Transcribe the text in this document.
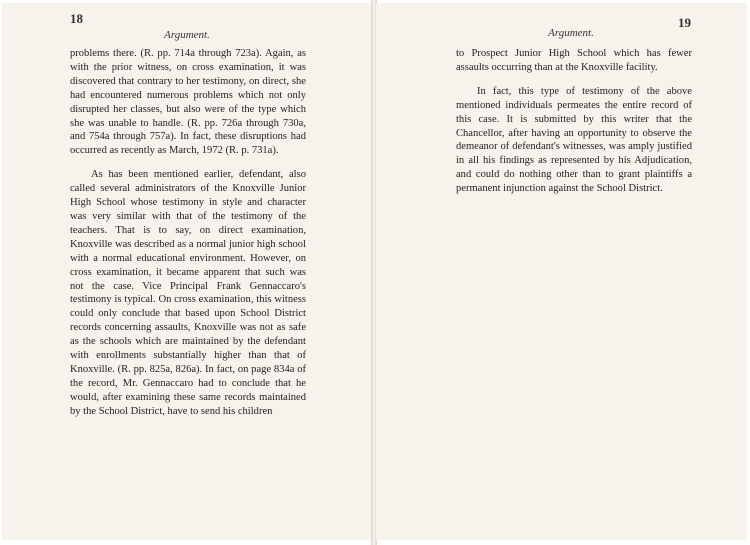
18
Argument.

problems there. (R. pp. 714a through 723a). Again, as with the prior witness, on cross examination, it was discovered that contrary to her testimony, on direct, she had encountered numerous problems which not only disrupted her classes, but also were of the type which she was unable to handle. (R. pp. 726a through 730a, and 754a through 757a). In fact, these disruptions had occurred as recently as March, 1972 (R. p. 731a).

As has been mentioned earlier, defendant, also called several administrators of the Knoxville Junior High School whose testimony in style and character was very similar with that of the testimony of the teachers. That is to say, on direct examination, Knoxville was described as a normal junior high school with a normal educational environment. However, on cross examination, it became apparent that such was not the case. Vice Principal Frank Gennaccaro's testimony is typical. On cross examination, this witness could only conclude that based upon School District records concerning assaults, Knoxville was not as safe as the schools which are maintained by the defendant with enrollments substantially higher than that of Knoxville. (R. pp. 825a, 826a). In fact, on page 834a of the record, Mr. Gennaccaro had to conclude that he would, after examining these same records maintained by the School District, have to send his children

19
Argument.

to Prospect Junior High School which has fewer assaults occurring than at the Knoxville facility.

In fact, this type of testimony of the above mentioned individuals permeates the entire record of this case. It is submitted by this writer that the Chancellor, after having an opportunity to observe the demeanor of defendant's witnesses, was amply justified in all his findings as represented by his Adjudication, and could do nothing other than to grant plaintiffs a permanent injunction against the School District.
